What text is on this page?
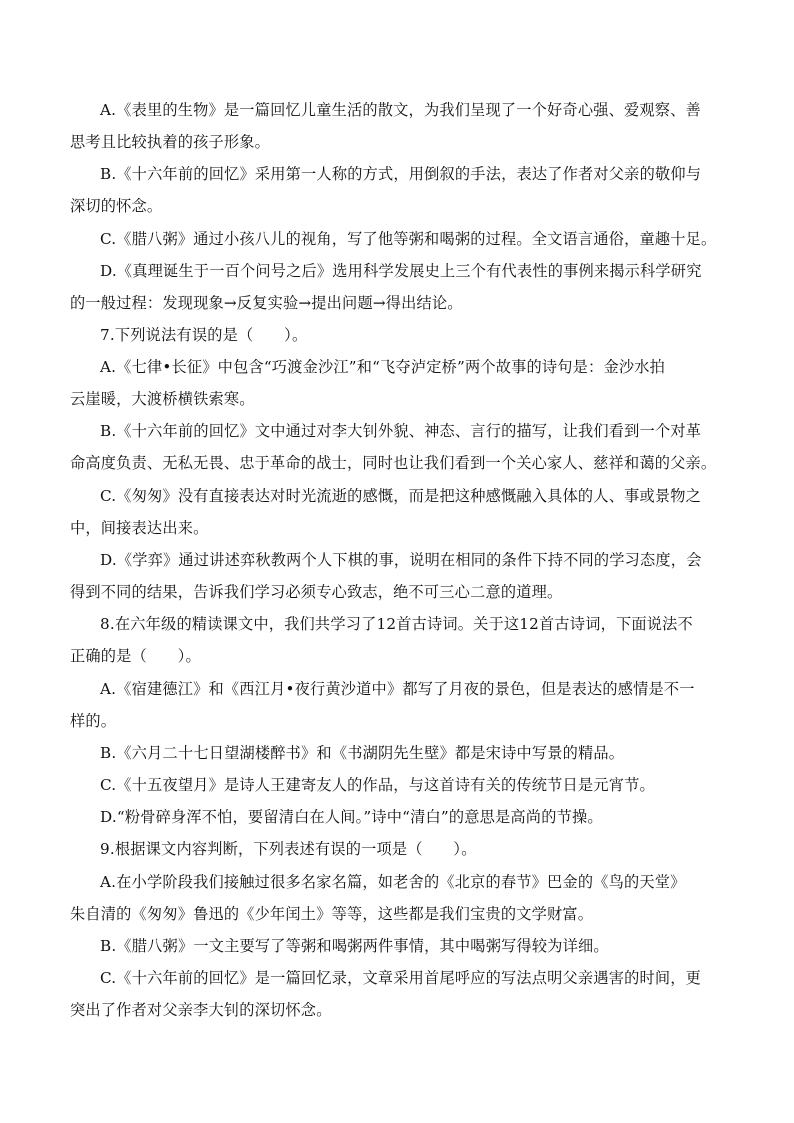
A.《表里的生物》是一篇回忆儿童生活的散文，为我们呈现了一个好奇心强、爱观察、善
思考且比较执着的孩子形象。
B.《十六年前的回忆》采用第一人称的方式，用倒叙的手法，表达了作者对父亲的敬仰与
深切的怀念。
C.《腊八粥》通过小孩八儿的视角，写了他等粥和喝粥的过程。全文语言通俗，童趣十足。
D.《真理诞生于一百个问号之后》选用科学发展史上三个有代表性的事例来揭示科学研究
的一般过程：发现现象→反复实验→提出问题→得出结论。
7.下列说法有误的是（　　）。
A.《七律•长征》中包含“巧渡金沙江”和“飞夺泸定桥”两个故事的诗句是：金沙水拍
云崖暖，大渡桥横铁索寒。
B.《十六年前的回忆》文中通过对李大钊外貌、神态、言行的描写，让我们看到一个对革
命高度负责、无私无畏、忠于革命的战士，同时也让我们看到一个关心家人、慈祥和蔼的父亲。
C.《匆匆》没有直接表达对时光流逝的感慨，而是把这种感慨融入具体的人、事或景物之
中，间接表达出来。
D.《学弈》通过讲述弈秋教两个人下棋的事，说明在相同的条件下持不同的学习态度，会
得到不同的结果，告诉我们学习必须专心致志，绝不可三心二意的道理。
8.在六年级的精读课文中，我们共学习了12首古诗词。关于这12首古诗词，下面说法不
正确的是（　　）。
A.《宿建德江》和《西江月•夜行黄沙道中》都写了月夜的景色，但是表达的感情是不一
样的。
B.《六月二十七日望湖楼醉书》和《书湖阴先生壁》都是宋诗中写景的精品。
C.《十五夜望月》是诗人王建寄友人的作品，与这首诗有关的传统节日是元宵节。
D.“粉骨碎身浑不怕，要留清白在人间。”诗中“清白”的意思是高尚的节操。
9.根据课文内容判断，下列表述有误的一项是（　　）。
A.在小学阶段我们接触过很多名家名篇，如老舍的《北京的春节》巴金的《鸟的天堂》
朱自清的《匆匆》鲁迅的《少年闰土》等等，这些都是我们宝贵的文学财富。
B.《腊八粥》一文主要写了等粥和喝粥两件事情，其中喝粥写得较为详细。
C.《十六年前的回忆》是一篇回忆录，文章采用首尾呼应的写法点明父亲遇害的时间，更
突出了作者对父亲李大钊的深切怀念。
